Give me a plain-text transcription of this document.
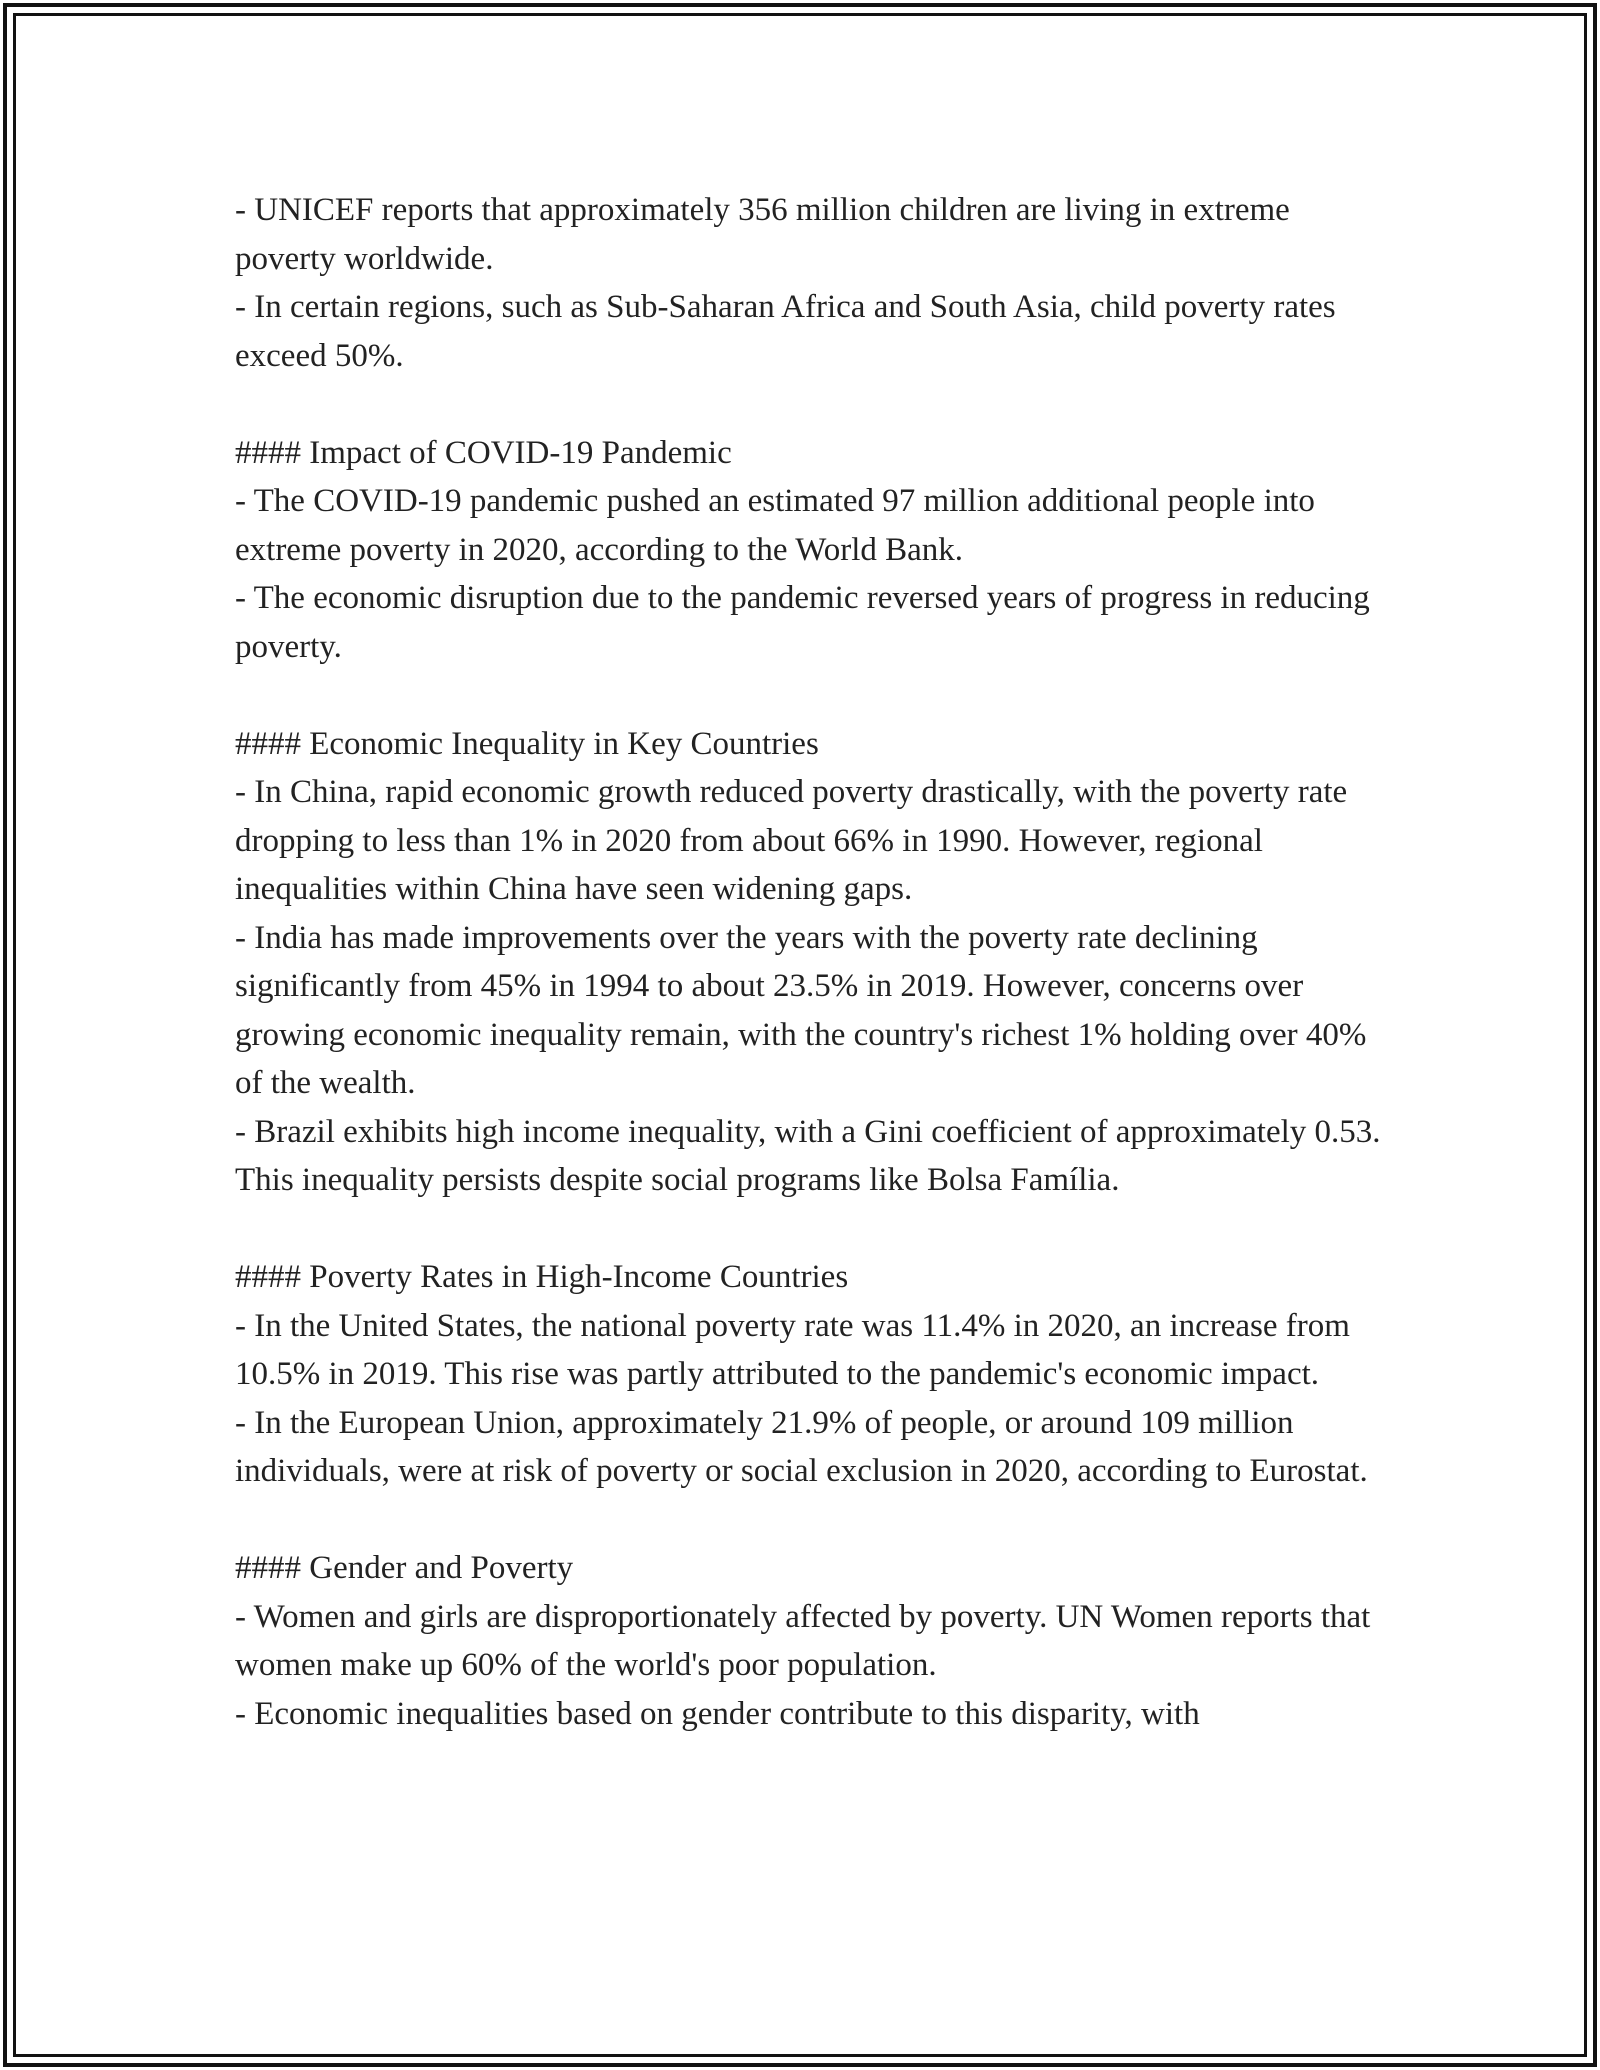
- UNICEF reports that approximately 356 million children are living in extreme poverty worldwide.

- In certain regions, such as Sub-Saharan Africa and South Asia, child poverty rates exceed 50%.

#### Impact of COVID-19 Pandemic

- The COVID-19 pandemic pushed an estimated 97 million additional people into extreme poverty in 2020, according to the World Bank.

- The economic disruption due to the pandemic reversed years of progress in reducing poverty.

#### Economic Inequality in Key Countries

- In China, rapid economic growth reduced poverty drastically, with the poverty rate dropping to less than 1% in 2020 from about 66% in 1990. However, regional inequalities within China have seen widening gaps.

- India has made improvements over the years with the poverty rate declining significantly from 45% in 1994 to about 23.5% in 2019. However, concerns over growing economic inequality remain, with the country's richest 1% holding over 40% of the wealth.

- Brazil exhibits high income inequality, with a Gini coefficient of approximately 0.53. This inequality persists despite social programs like Bolsa Família.

#### Poverty Rates in High-Income Countries

- In the United States, the national poverty rate was 11.4% in 2020, an increase from 10.5% in 2019. This rise was partly attributed to the pandemic's economic impact.

- In the European Union, approximately 21.9% of people, or around 109 million individuals, were at risk of poverty or social exclusion in 2020, according to Eurostat.

#### Gender and Poverty

- Women and girls are disproportionately affected by poverty. UN Women reports that women make up 60% of the world's poor population.

- Economic inequalities based on gender contribute to this disparity, with
